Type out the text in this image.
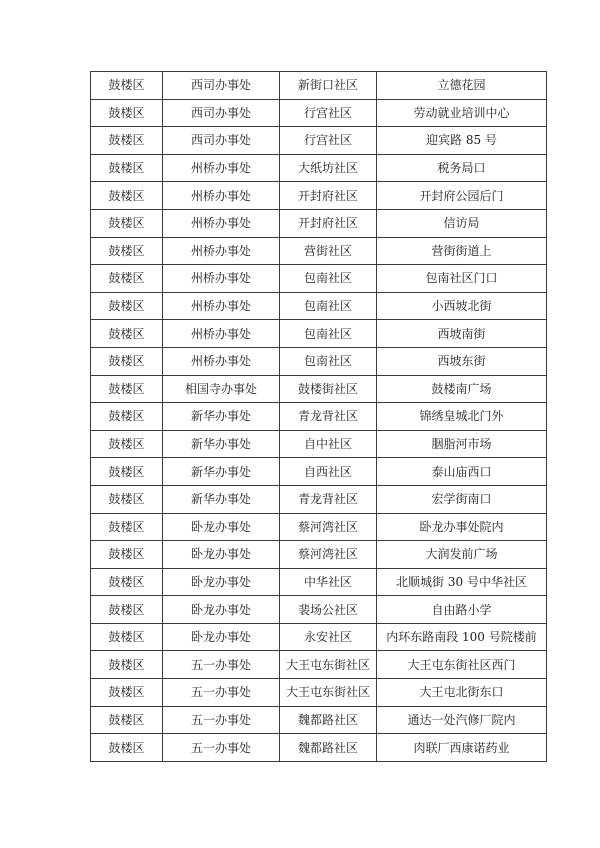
鼓楼区	西司办事处	新街口社区	立德花园
鼓楼区	西司办事处	行宫社区	劳动就业培训中心
鼓楼区	西司办事处	行宫社区	迎宾路 85 号
鼓楼区	州桥办事处	大纸坊社区	税务局口
鼓楼区	州桥办事处	开封府社区	开封府公园后门
鼓楼区	州桥办事处	开封府社区	信访局
鼓楼区	州桥办事处	营街社区	营街街道上
鼓楼区	州桥办事处	包南社区	包南社区门口
鼓楼区	州桥办事处	包南社区	小西坡北街
鼓楼区	州桥办事处	包南社区	西坡南街
鼓楼区	州桥办事处	包南社区	西坡东街
鼓楼区	相国寺办事处	鼓楼街社区	鼓楼南广场
鼓楼区	新华办事处	青龙背社区	锦绣皇城北门外
鼓楼区	新华办事处	自中社区	胭脂河市场
鼓楼区	新华办事处	自西社区	泰山庙西口
鼓楼区	新华办事处	青龙背社区	宏学街南口
鼓楼区	卧龙办事处	蔡河湾社区	卧龙办事处院内
鼓楼区	卧龙办事处	蔡河湾社区	大润发前广场
鼓楼区	卧龙办事处	中华社区	北顺城街 30 号中华社区
鼓楼区	卧龙办事处	裴场公社区	自由路小学
鼓楼区	卧龙办事处	永安社区	内环东路南段 100 号院楼前
鼓楼区	五一办事处	大王屯东街社区	大王屯东街社区西门
鼓楼区	五一办事处	大王屯东街社区	大王屯北街东口
鼓楼区	五一办事处	魏都路社区	通达一处汽修厂院内
鼓楼区	五一办事处	魏都路社区	肉联厂西康诺药业
